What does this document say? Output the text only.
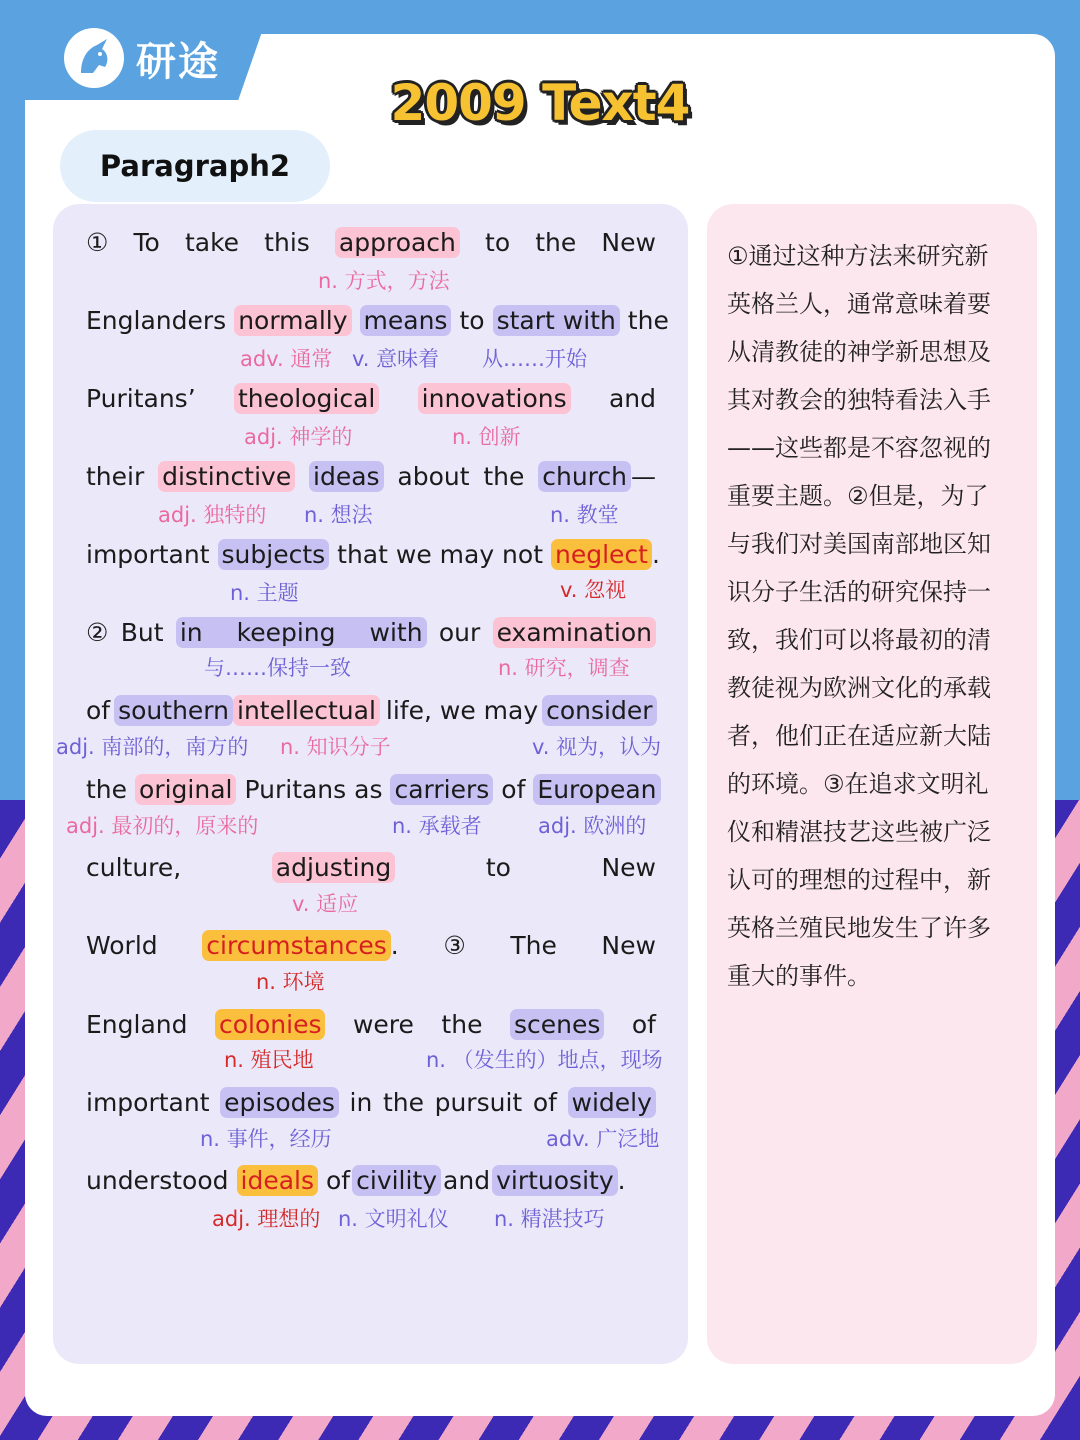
研途
2009 Text4
Paragraph2
① To take this approach to the New
n. 方式，方法
Englanders normally means to start with the
adv. 通常 v. 意味着 从……开始
Puritans’ theological innovations and
adj. 神学的	n. 创新
their distinctive ideas about the church —
adj. 独特的 n. 想法	n. 教堂
important subjects that we may not neglect .
n. 主题	v. 忽视
② But in keeping with our examination
与……保持一致	n. 研究，调查
of southern intellectual life, we may consider
adj. 南部的，南方的 n. 知识分子	v. 视为，认为
the original Puritans as carriers of European
adj. 最初的，原来的	n. 承载者	adj. 欧洲的
culture,	adjusting	to	New
v. 适应
World circumstances . ③ The New
n. 环境
England colonies were the scenes of
n. 殖民地	n. （发生的）地点，现场
important episodes in the pursuit of widely
n. 事件，经历	adv. 广泛地
understood ideals of civility and virtuosity .
adj. 理想的 n. 文明礼仪 n. 精湛技巧

①通过这种方法来研究新

英格兰人，通常意味着要

从清教徒的神学新思想及

其对教会的独特看法入手

——这些都是不容忽视的

重要主题。②但是，为了

与我们对美国南部地区知

识分子生活的研究保持一

致，我们可以将最初的清

教徒视为欧洲文化的承载

者，他们正在适应新大陆

的环境。③在追求文明礼

仪和精湛技艺这些被广泛

认可的理想的过程中，新

英格兰殖民地发生了许多

重大的事件。
